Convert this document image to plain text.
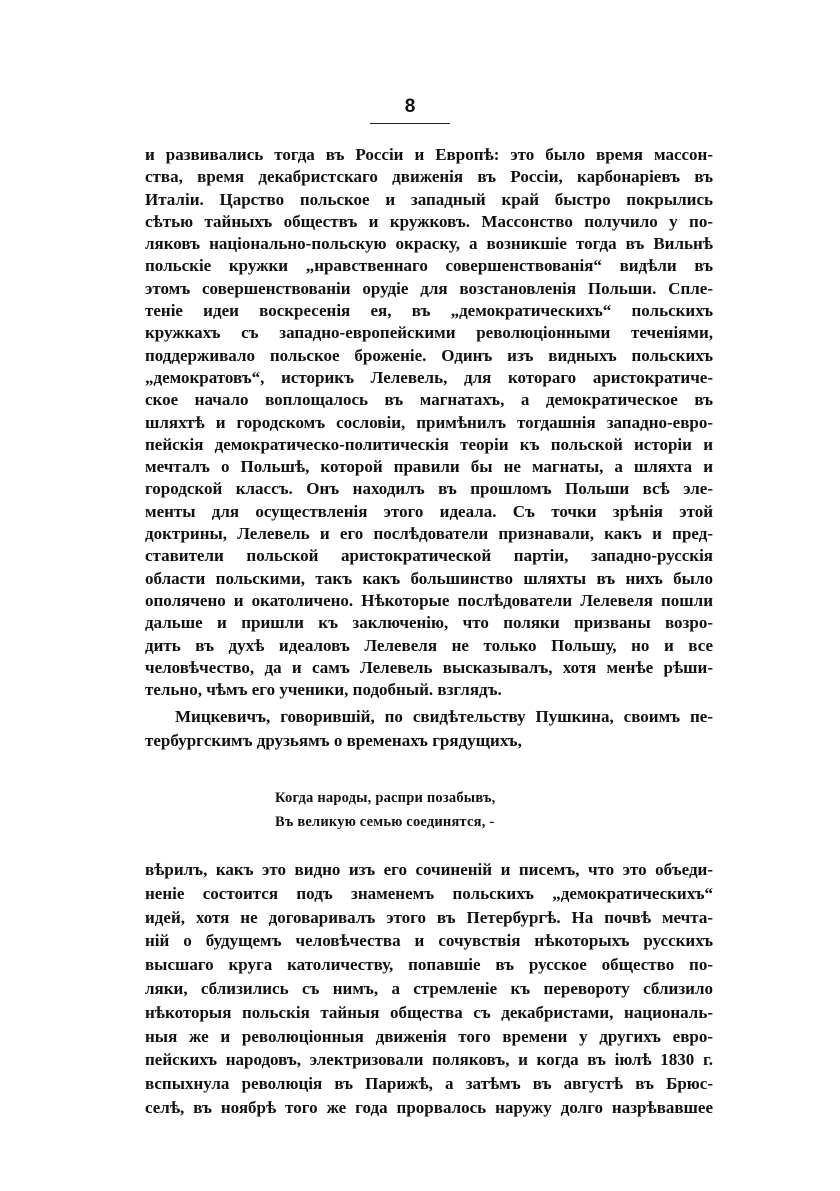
8
и развивались тогда въ Россіи и Европѣ: это было время массон-
ства, время декабристскаго движенія въ Россіи, карбонаріевъ въ
Италіи. Царство польское и западный край быстро покрылись
сѣтью тайныхъ обществъ и кружковъ. Массонство получило у по-
ляковъ національно-польскую окраску, а возникшіе тогда въ Вильнѣ
польскіе кружки „нравственнаго совершенствованія“ видѣли въ
этомъ совершенствованіи орудіе для возстановленія Польши. Спле-
теніе идеи воскресенія ея, въ „демократическихъ“ польскихъ
кружкахъ съ западно-европейскими революціонными теченіями,
поддерживало польское броженіе. Одинъ изъ видныхъ польскихъ
„демократовъ“, историкъ Лелевель, для котораго аристократиче-
ское начало воплощалось въ магнатахъ, а демократическое въ
шляхтѣ и городскомъ сословіи, примѣнилъ тогдашнія западно-евро-
пейскія демократическо-политическія теоріи къ польской исторіи и
мечталъ о Польшѣ, которой правили бы не магнаты, а шляхта и
городской классъ. Онъ находилъ въ прошломъ Польши всѣ эле-
менты для осуществленія этого идеала. Съ точки зрѣнія этой
доктрины, Лелевель и его послѣдователи признавали, какъ и пред-
ставители польской аристократической партіи, западно-русскія
области польскими, такъ какъ большинство шляхты въ нихъ было
ополячено и окатоличено. Нѣкоторые послѣдователи Лелевеля пошли
дальше и пришли къ заключенію, что поляки призваны возро-
дить въ духѣ идеаловъ Лелевеля не только Польшу, но и все
человѣчество, да и самъ Лелевель высказывалъ, хотя менѣе рѣши-
тельно, чѣмъ его ученики, подобный. взглядъ.
Мицкевичъ, говорившій, по свидѣтельству Пушкина, своимъ пе-
тербургскимъ друзьямъ о временахъ грядущихъ,
Когда народы, распри позабывъ,
Въ великую семью соединятся, -
вѣрилъ, какъ это видно изъ его сочиненій и писемъ, что это объеди-
неніе состоится подъ знаменемъ польскихъ „демократическихъ“
идей, хотя не договаривалъ этого въ Петербургѣ. На почвѣ мечта-
ній о будущемъ человѣчества и сочувствія нѣкоторыхъ русскихъ
высшаго круга католичеству, попавшіе въ русское общество по-
ляки, сблизились съ нимъ, а стремленіе къ перевороту сблизило
нѣкоторыя польскія тайныя общества съ декабристами, националь-
ныя же и революціонныя движенія того времени у другихъ евро-
пейскихъ народовъ, электризовали поляковъ, и когда въ іюлѣ 1830 г.
вспыхнула революція въ Парижѣ, а затѣмъ въ августѣ въ Брюс-
селѣ, въ ноябрѣ того же года прорвалось наружу долго назрѣвавшее
